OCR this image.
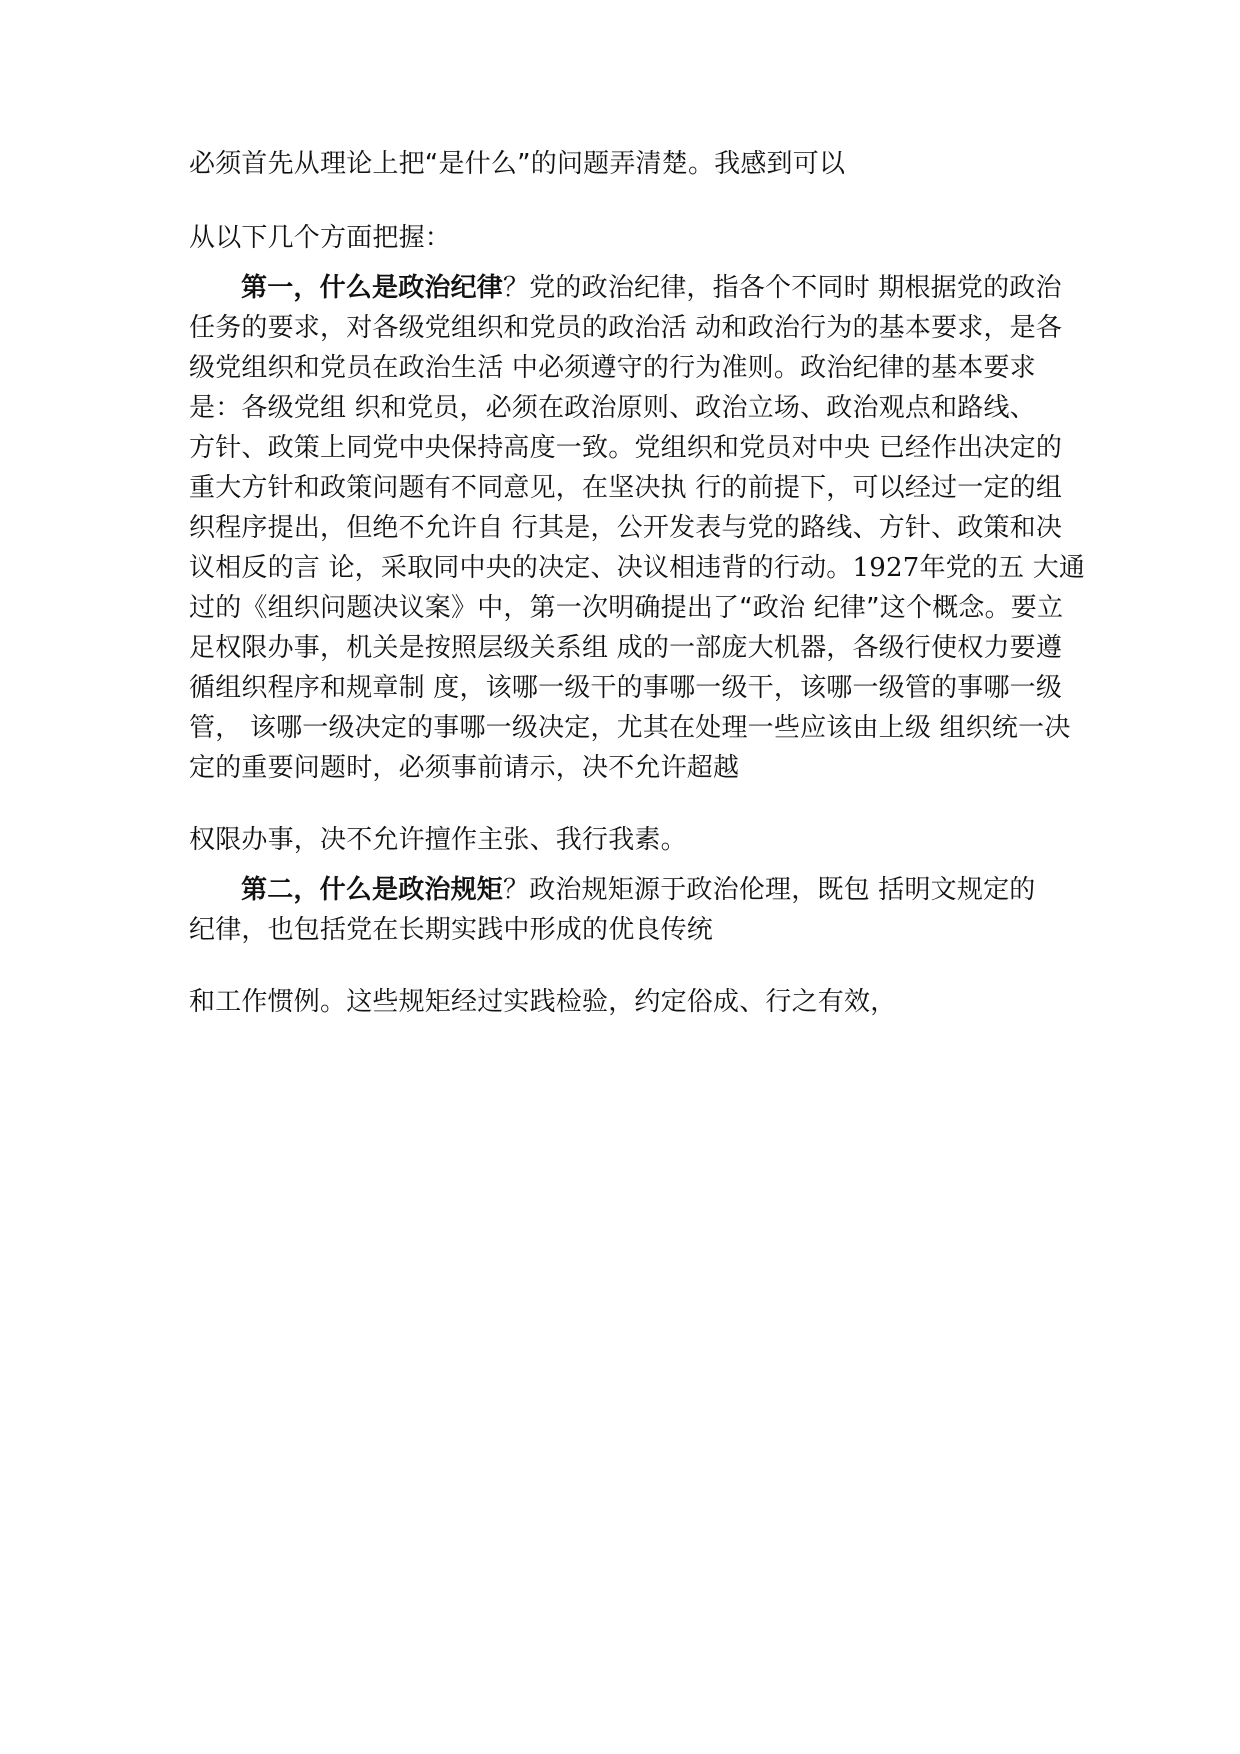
必须首先从理论上把“是什么”的问题弄清楚。我感到可以
从以下几个方面把握：
第一，什么是政治纪律？党的政治纪律，指各个不同时 期根据党的政治
任务的要求，对各级党组织和党员的政治活 动和政治行为的基本要求，是各
级党组织和党员在政治生活 中必须遵守的行为准则。政治纪律的基本要求
是：各级党组 织和党员，必须在政治原则、政治立场、政治观点和路线、
方针、政策上同党中央保持高度一致。党组织和党员对中央 已经作出决定的
重大方针和政策问题有不同意见，在坚决执 行的前提下，可以经过一定的组
织程序提出，但绝不允许自 行其是，公开发表与党的路线、方针、政策和决
议相反的言 论，采取同中央的决定、决议相违背的行动。1927年党的五 大通
过的《组织问题决议案》中，第一次明确提出了“政治 纪律”这个概念。要立
足权限办事，机关是按照层级关系组 成的一部庞大机器，各级行使权力要遵
循组织程序和规章制 度，该哪一级干的事哪一级干，该哪一级管的事哪一级
管， 该哪一级决定的事哪一级决定，尤其在处理一些应该由上级 组织统一决
定的重要问题时，必须事前请示，决不允许超越
权限办事，决不允许擅作主张、我行我素。
第二，什么是政治规矩？政治规矩源于政治伦理，既包 括明文规定的
纪律，也包括党在长期实践中形成的优良传统
和工作惯例。这些规矩经过实践检验，约定俗成、行之有效，
